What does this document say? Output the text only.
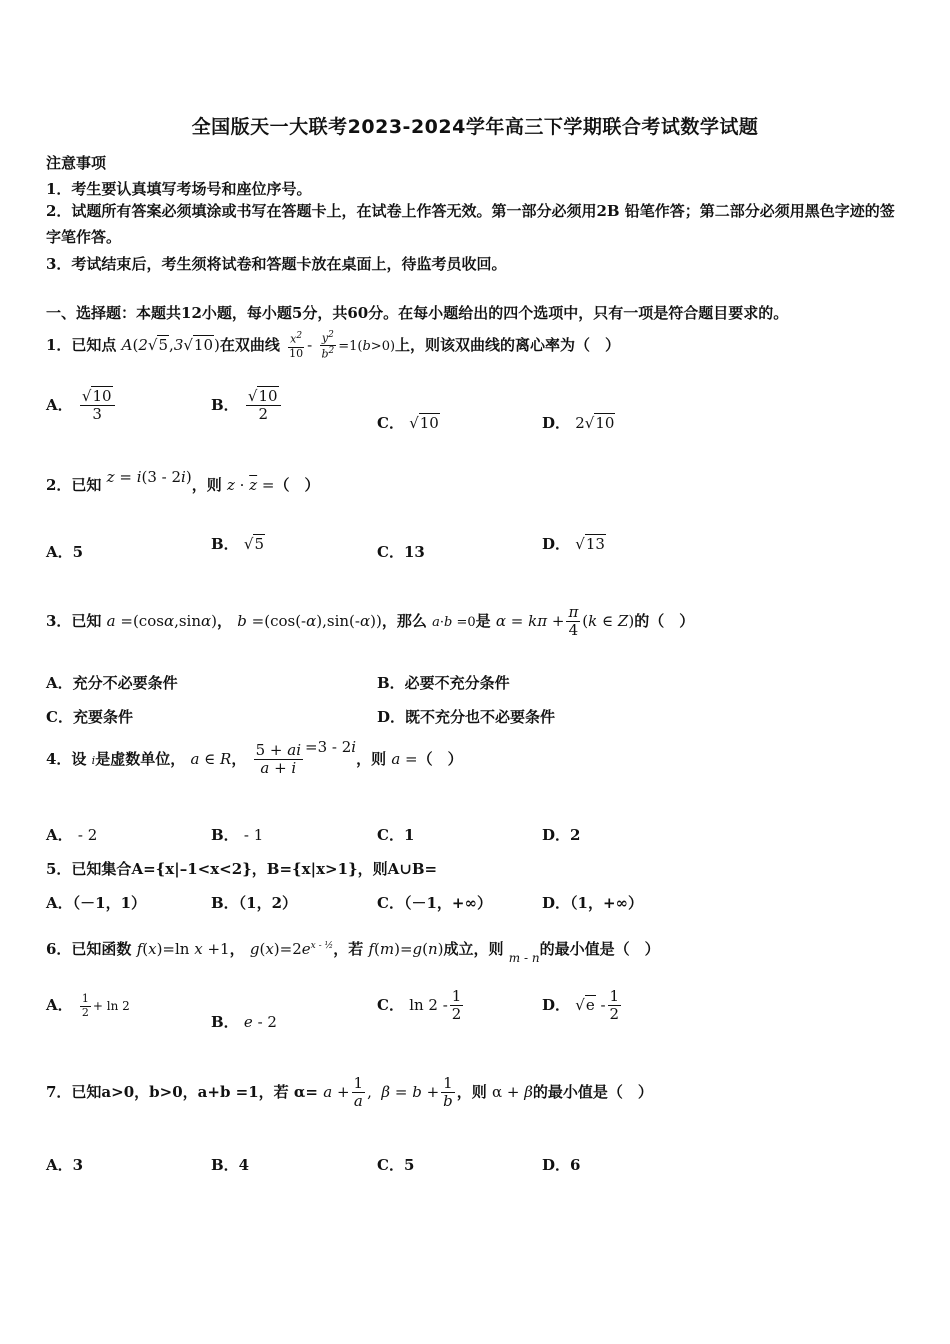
全国版天一大联考2023-2024学年高三下学期联合考试数学试题
注意事项
1．考生要认真填写考场号和座位序号。
2．试题所有答案必须填涂或书写在答题卡上，在试卷上作答无效。第一部分必须用2B 铅笔作答；第二部分必须用黑色字迹的签字笔作答。
3．考试结束后，考生须将试卷和答题卡放在桌面上，待监考员收回。
一、选择题：本题共12小题，每小题5分，共60分。在每小题给出的四个选项中，只有一项是符合题目要求的。
1．已知点 A(2√5,3√10)在双曲线 $\frac{x^2}{10} - \frac{y^2}{b^2} =1(b>0)$上，则该双曲线的离心率为（　）
A． $\frac{√10}{3}$	B． $\frac{√10}{2}$	C． √10	D． 2√10
2．已知 z = i(3 - 2i)，则 $z \cdot \overline{z}$ =（　）
A．5	B． √5	C．13	D． √13
3．已知 a =(cosα,sinα)， b =(cos(-α),sin(-α))，那么 a·b =0是 $\alpha = k\pi + \frac{\pi}{4} (k$ ∈ Z)的（　）
A．充分不必要条件	B．必要不充分条件
C．充要条件	D．既不充分也不必要条件
4．设 i是虚数单位， a ∈ R， $\frac{5 + ai}{a + i} =3 - 2i$，则 a =（　）
A． - 2	B． - 1	C．1	D．2
5．已知集合A={x|–1<x<2}，B={x|x>1}，则A∪B=
A．（－1，1）	B．（1，2）	C．（－1，+∞）	D．（1，+∞）
6．已知函数 f(x)=ln x +1， $g(x)=2e^{x - \frac{1}{2}}$，若 f(m)=g(n)成立，则 $_{m - n}$的最小值是（　）
A． $\frac{1}{2} + \ln 2$
B． e - 2
C． $\ln 2 - \frac{1}{2}$	D． $√e - \frac{1}{2}$
7．已知a>0，b>0，a+b =1，若 $\alpha= a + \frac{1}{a}$ ,  $\beta = b + \frac{1}{b}$ ，则 α + β的最小值是（　）
A．3	B．4	C．5	D．6
